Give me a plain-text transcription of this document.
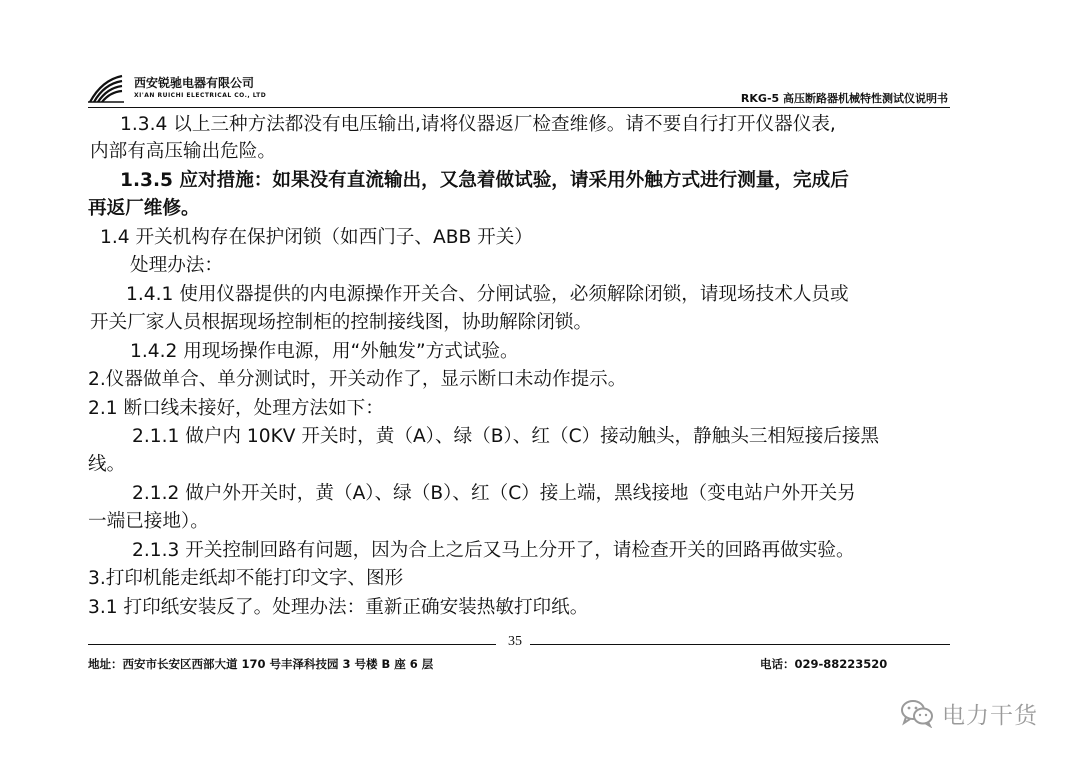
西安锐驰电器有限公司
XI'AN RUICHI ELECTRICAL CO., LTD	RKG-5 高压断路器机械特性测试仪说明书
1.3.4 以上三种方法都没有电压输出,请将仪器返厂检查维修。请不要自行打开仪器仪表,
内部有高压输出危险。
1.3.5 应对措施：如果没有直流输出，又急着做试验，请采用外触方式进行测量，完成后
再返厂维修。
1.4 开关机构存在保护闭锁（如西门子、ABB 开关）
处理办法：
1.4.1 使用仪器提供的内电源操作开关合、分闸试验，必须解除闭锁，请现场技术人员或
开关厂家人员根据现场控制柜的控制接线图，协助解除闭锁。
1.4.2 用现场操作电源，用“外触发”方式试验。
2.仪器做单合、单分测试时，开关动作了，显示断口未动作提示。
2.1 断口线未接好，处理方法如下：
2.1.1 做户内 10KV 开关时，黄（A）、绿（B）、红（C）接动触头，静触头三相短接后接黑
线。
2.1.2 做户外开关时，黄（A）、绿（B）、红（C）接上端，黑线接地（变电站户外开关另
一端已接地）。
2.1.3 开关控制回路有问题，因为合上之后又马上分开了，请检查开关的回路再做实验。
3.打印机能走纸却不能打印文字、图形
3.1 打印纸安装反了。处理办法：重新正确安装热敏打印纸。
35
地址：西安市长安区西部大道 170 号丰泽科技园 3 号楼 B 座 6 层	电话：029-88223520
电力干货
